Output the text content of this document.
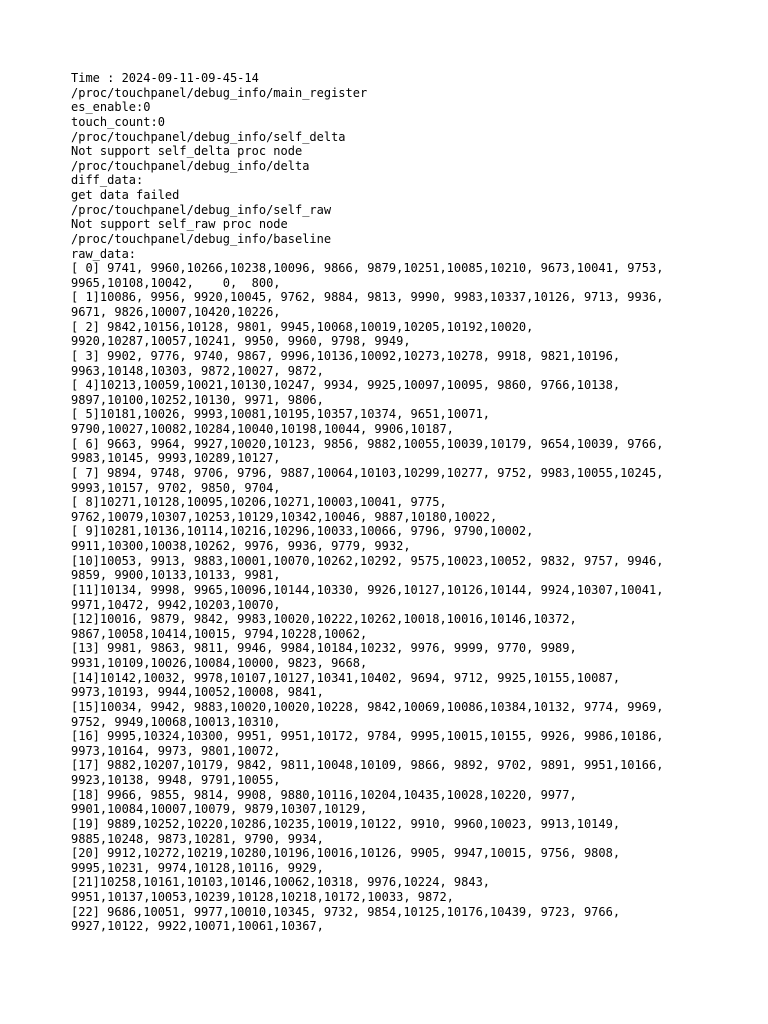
Time : 2024-09-11-09-45-14
/proc/touchpanel/debug_info/main_register
es_enable:0
touch_count:0
/proc/touchpanel/debug_info/self_delta
Not support self_delta proc node
/proc/touchpanel/debug_info/delta
diff_data:
get data failed
/proc/touchpanel/debug_info/self_raw
Not support self_raw proc node
/proc/touchpanel/debug_info/baseline
raw_data:
[ 0] 9741, 9960,10266,10238,10096, 9866, 9879,10251,10085,10210, 9673,10041, 9753,
9965,10108,10042,    0,  800,
[ 1]10086, 9956, 9920,10045, 9762, 9884, 9813, 9990, 9983,10337,10126, 9713, 9936,
9671, 9826,10007,10420,10226,
[ 2] 9842,10156,10128, 9801, 9945,10068,10019,10205,10192,10020,
9920,10287,10057,10241, 9950, 9960, 9798, 9949,
[ 3] 9902, 9776, 9740, 9867, 9996,10136,10092,10273,10278, 9918, 9821,10196,
9963,10148,10303, 9872,10027, 9872,
[ 4]10213,10059,10021,10130,10247, 9934, 9925,10097,10095, 9860, 9766,10138,
9897,10100,10252,10130, 9971, 9806,
[ 5]10181,10026, 9993,10081,10195,10357,10374, 9651,10071,
9790,10027,10082,10284,10040,10198,10044, 9906,10187,
[ 6] 9663, 9964, 9927,10020,10123, 9856, 9882,10055,10039,10179, 9654,10039, 9766,
9983,10145, 9993,10289,10127,
[ 7] 9894, 9748, 9706, 9796, 9887,10064,10103,10299,10277, 9752, 9983,10055,10245,
9993,10157, 9702, 9850, 9704,
[ 8]10271,10128,10095,10206,10271,10003,10041, 9775,
9762,10079,10307,10253,10129,10342,10046, 9887,10180,10022,
[ 9]10281,10136,10114,10216,10296,10033,10066, 9796, 9790,10002,
9911,10300,10038,10262, 9976, 9936, 9779, 9932,
[10]10053, 9913, 9883,10001,10070,10262,10292, 9575,10023,10052, 9832, 9757, 9946,
9859, 9900,10133,10133, 9981,
[11]10134, 9998, 9965,10096,10144,10330, 9926,10127,10126,10144, 9924,10307,10041,
9971,10472, 9942,10203,10070,
[12]10016, 9879, 9842, 9983,10020,10222,10262,10018,10016,10146,10372,
9867,10058,10414,10015, 9794,10228,10062,
[13] 9981, 9863, 9811, 9946, 9984,10184,10232, 9976, 9999, 9770, 9989,
9931,10109,10026,10084,10000, 9823, 9668,
[14]10142,10032, 9978,10107,10127,10341,10402, 9694, 9712, 9925,10155,10087,
9973,10193, 9944,10052,10008, 9841,
[15]10034, 9942, 9883,10020,10020,10228, 9842,10069,10086,10384,10132, 9774, 9969,
9752, 9949,10068,10013,10310,
[16] 9995,10324,10300, 9951, 9951,10172, 9784, 9995,10015,10155, 9926, 9986,10186,
9973,10164, 9973, 9801,10072,
[17] 9882,10207,10179, 9842, 9811,10048,10109, 9866, 9892, 9702, 9891, 9951,10166,
9923,10138, 9948, 9791,10055,
[18] 9966, 9855, 9814, 9908, 9880,10116,10204,10435,10028,10220, 9977,
9901,10084,10007,10079, 9879,10307,10129,
[19] 9889,10252,10220,10286,10235,10019,10122, 9910, 9960,10023, 9913,10149,
9885,10248, 9873,10281, 9790, 9934,
[20] 9912,10272,10219,10280,10196,10016,10126, 9905, 9947,10015, 9756, 9808,
9995,10231, 9974,10128,10116, 9929,
[21]10258,10161,10103,10146,10062,10318, 9976,10224, 9843,
9951,10137,10053,10239,10128,10218,10172,10033, 9872,
[22] 9686,10051, 9977,10010,10345, 9732, 9854,10125,10176,10439, 9723, 9766,
9927,10122, 9922,10071,10061,10367,
